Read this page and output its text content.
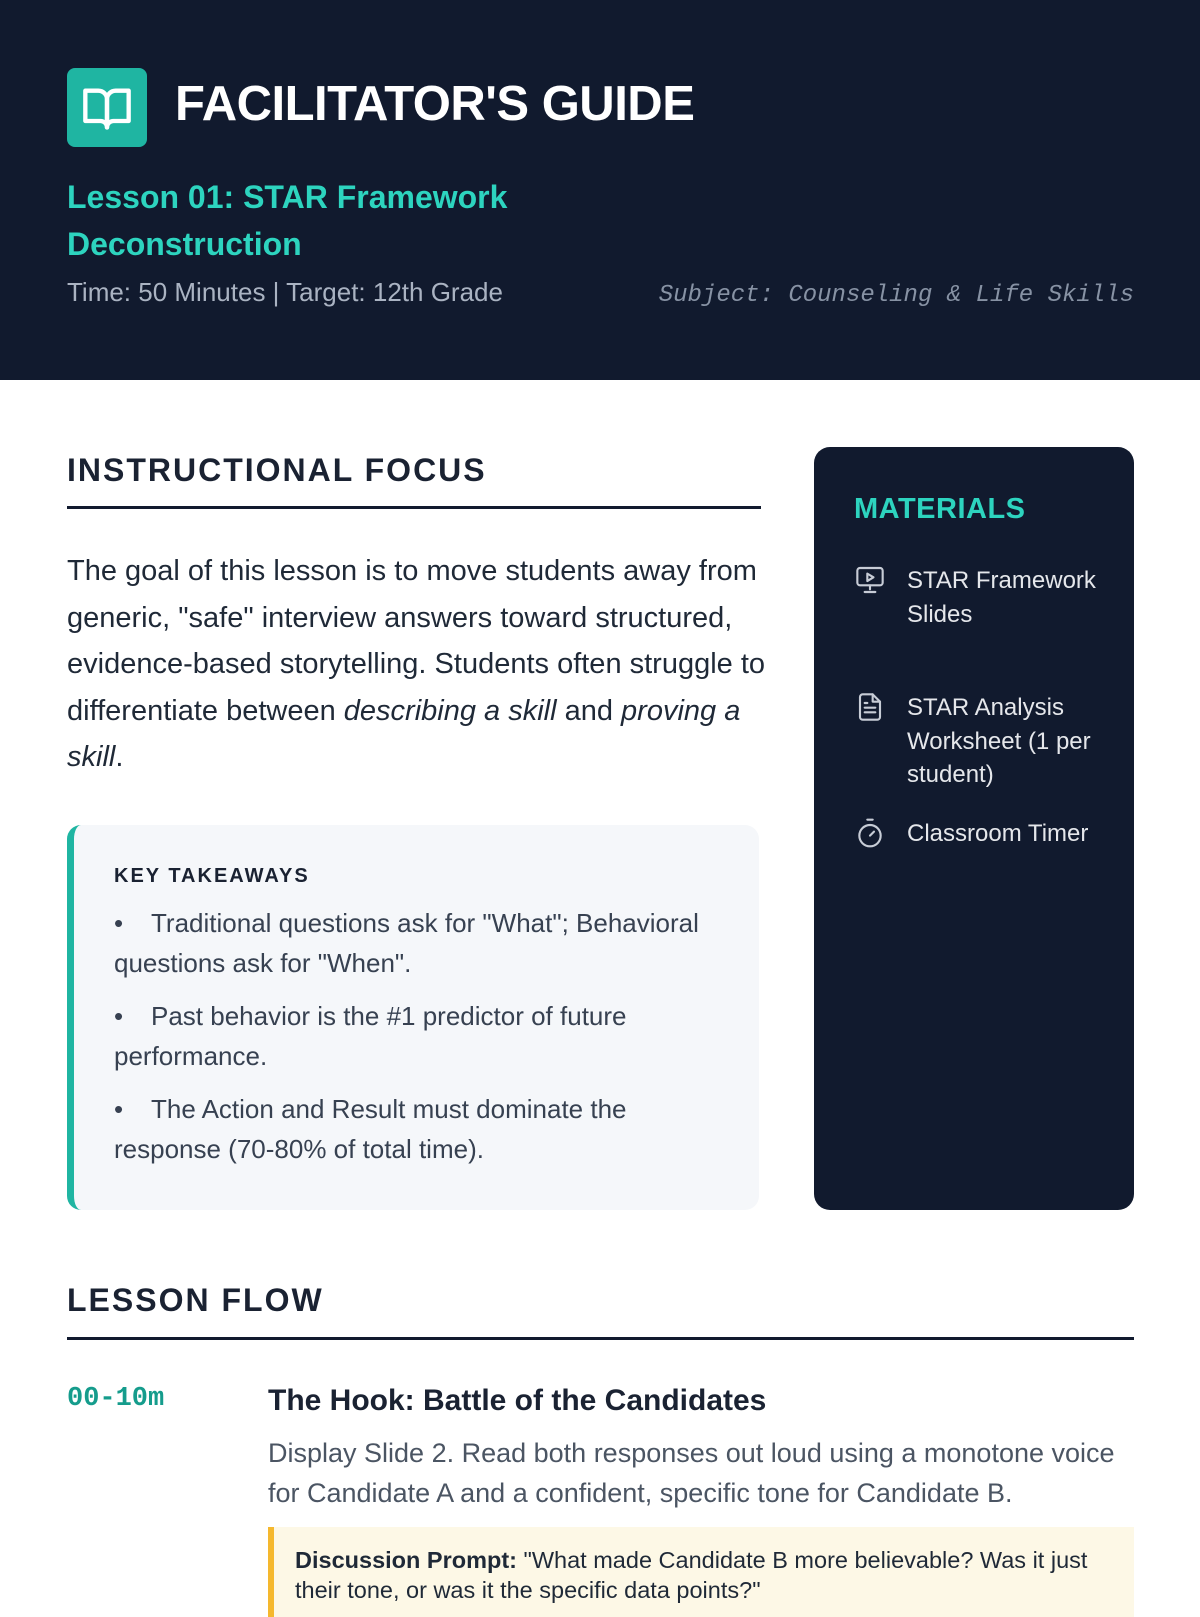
FACILITATOR'S GUIDE
Lesson 01: STAR Framework Deconstruction
Time: 50 Minutes | Target: 12th Grade	Subject: Counseling & Life Skills
INSTRUCTIONAL FOCUS
The goal of this lesson is to move students away from generic, "safe" interview answers toward structured, evidence-based storytelling. Students often struggle to differentiate between describing a skill and proving a skill.
KEY TAKEAWAYS
• Traditional questions ask for "What"; Behavioral questions ask for "When".
• Past behavior is the #1 predictor of future performance.
• The Action and Result must dominate the response (70-80% of total time).
MATERIALS
STAR Framework Slides
STAR Analysis Worksheet (1 per student)
Classroom Timer
LESSON FLOW
00-10m	The Hook: Battle of the Candidates
Display Slide 2. Read both responses out loud using a monotone voice for Candidate A and a confident, specific tone for Candidate B.
Discussion Prompt: "What made Candidate B more believable? Was it just their tone, or was it the specific data points?"
